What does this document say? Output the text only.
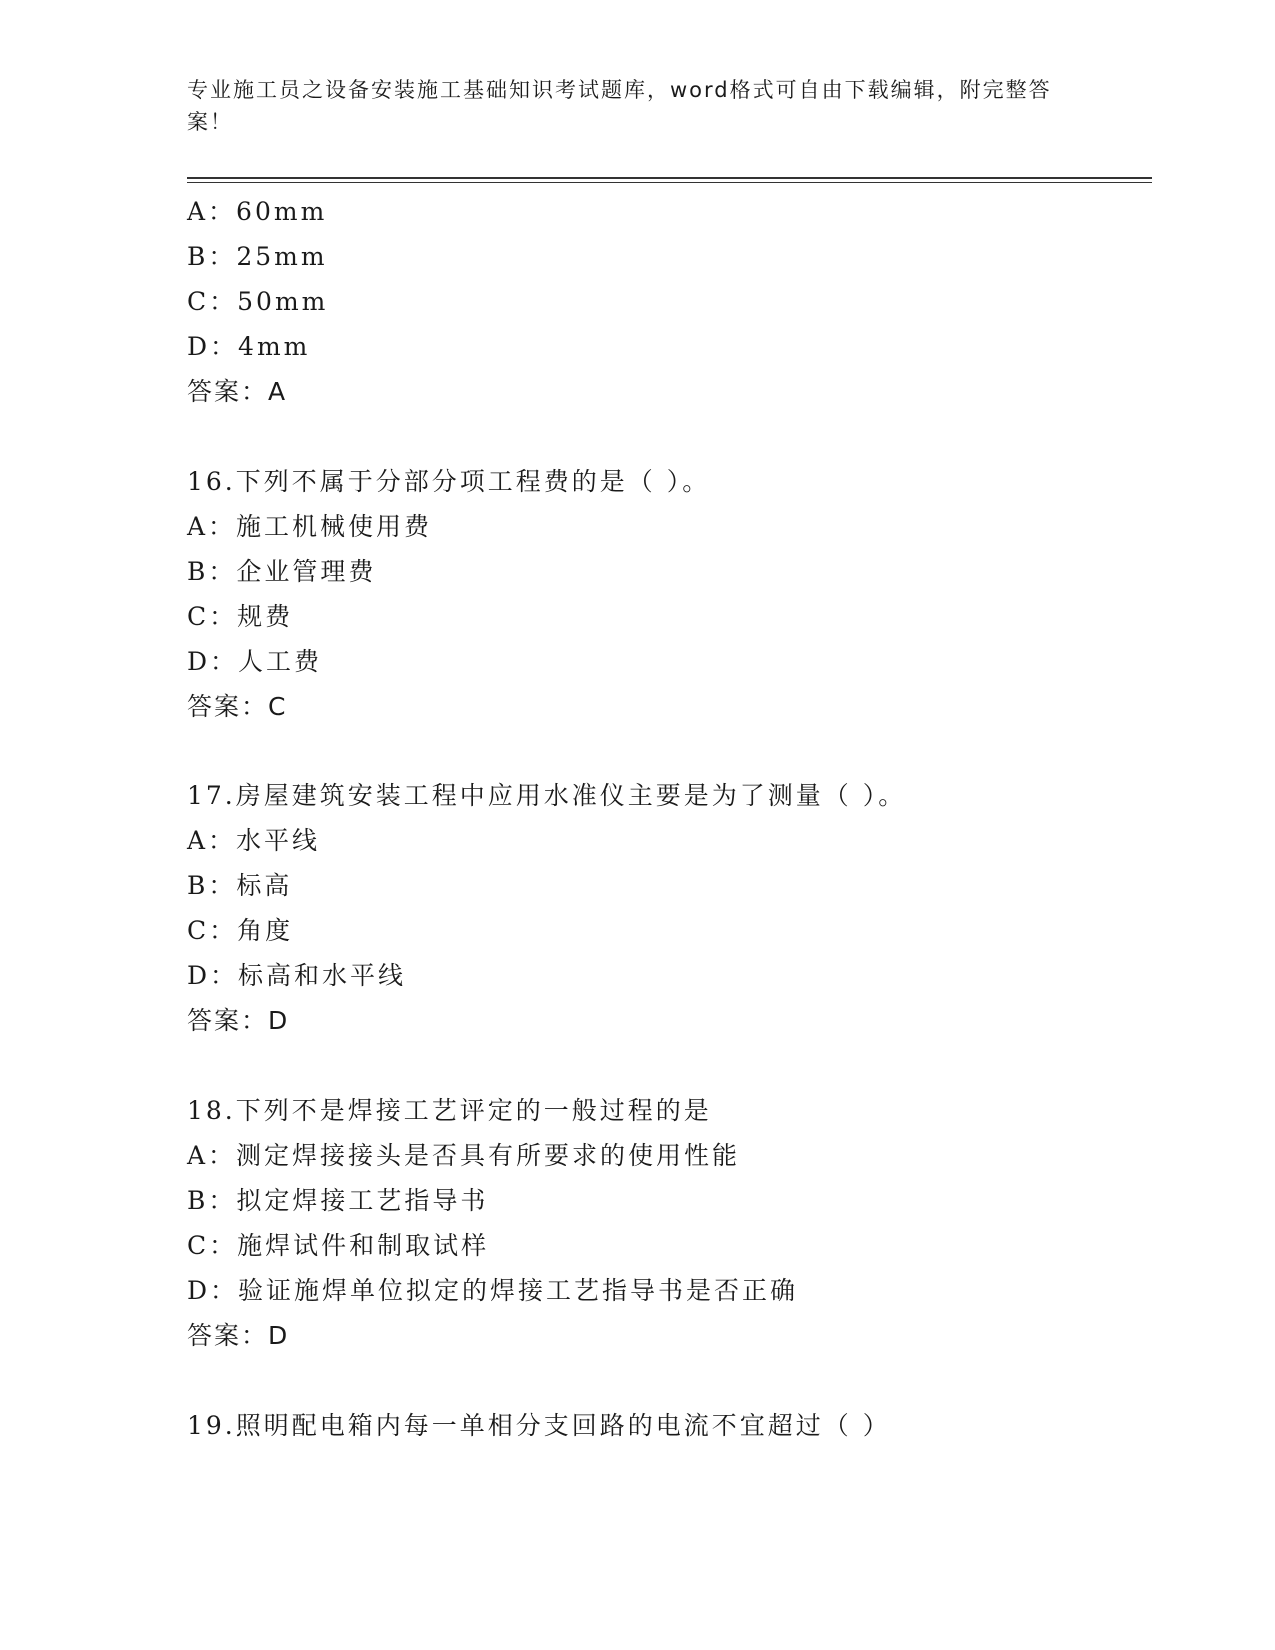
专业施工员之设备安装施工基础知识考试题库，word格式可自由下载编辑，附完整答案！
A：60mm
B：25mm
C：50mm
D：4mm
答案：A
16.下列不属于分部分项工程费的是（ ）。
A：施工机械使用费
B：企业管理费
C：规费
D：人工费
答案：C
17.房屋建筑安装工程中应用水准仪主要是为了测量（ ）。
A：水平线
B：标高
C：角度
D：标高和水平线
答案：D
18.下列不是焊接工艺评定的一般过程的是
A：测定焊接接头是否具有所要求的使用性能
B：拟定焊接工艺指导书
C：施焊试件和制取试样
D：验证施焊单位拟定的焊接工艺指导书是否正确
答案：D
19.照明配电箱内每一单相分支回路的电流不宜超过（ ）
